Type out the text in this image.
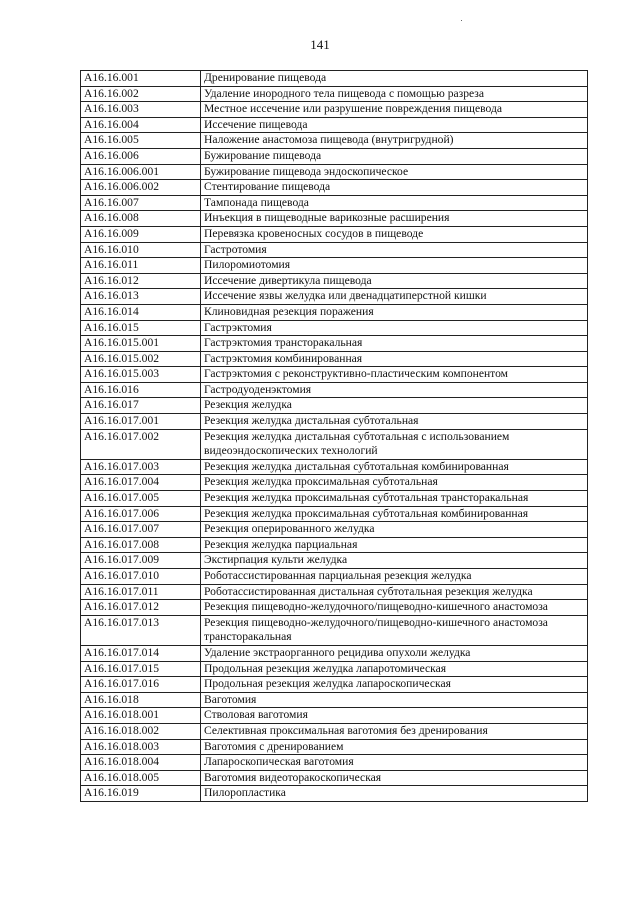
141
A16.16.001	Дренирование пищевода
A16.16.002	Удаление инородного тела пищевода с помощью разреза
A16.16.003	Местное иссечение или разрушение повреждения пищевода
A16.16.004	Иссечение пищевода
A16.16.005	Наложение анастомоза пищевода (внутригрудной)
A16.16.006	Бужирование пищевода
A16.16.006.001	Бужирование пищевода эндоскопическое
A16.16.006.002	Стентирование пищевода
A16.16.007	Тампонада пищевода
A16.16.008	Инъекция в пищеводные варикозные расширения
A16.16.009	Перевязка кровеносных сосудов в пищеводе
A16.16.010	Гастротомия
A16.16.011	Пилоромиотомия
A16.16.012	Иссечение дивертикула пищевода
A16.16.013	Иссечение язвы желудка или двенадцатиперстной кишки
A16.16.014	Клиновидная резекция поражения
A16.16.015	Гастрэктомия
A16.16.015.001	Гастрэктомия трансторакальная
A16.16.015.002	Гастрэктомия комбинированная
A16.16.015.003	Гастрэктомия с реконструктивно-пластическим компонентом
A16.16.016	Гастродуоденэктомия
A16.16.017	Резекция желудка
A16.16.017.001	Резекция желудка дистальная субтотальная
A16.16.017.002	Резекция желудка дистальная субтотальная с использованием видеоэндоскопических технологий
A16.16.017.003	Резекция желудка дистальная субтотальная комбинированная
A16.16.017.004	Резекция желудка проксимальная субтотальная
A16.16.017.005	Резекция желудка проксимальная субтотальная трансторакальная
A16.16.017.006	Резекция желудка проксимальная субтотальная комбинированная
A16.16.017.007	Резекция оперированного желудка
A16.16.017.008	Резекция желудка парциальная
A16.16.017.009	Экстирпация культи желудка
A16.16.017.010	Роботассистированная парциальная резекция желудка
A16.16.017.011	Роботассистированная дистальная субтотальная резекция желудка
A16.16.017.012	Резекция пищеводно-желудочного/пищеводно-кишечного анастомоза
A16.16.017.013	Резекция пищеводно-желудочного/пищеводно-кишечного анастомоза трансторакальная
A16.16.017.014	Удаление экстраорганного рецидива опухоли желудка
A16.16.017.015	Продольная резекция желудка лапаротомическая
A16.16.017.016	Продольная резекция желудка лапароскопическая
A16.16.018	Ваготомия
A16.16.018.001	Стволовая ваготомия
A16.16.018.002	Селективная проксимальная ваготомия без дренирования
A16.16.018.003	Ваготомия с дренированием
A16.16.018.004	Лапароскопическая ваготомия
A16.16.018.005	Ваготомия видеоторакоскопическая
A16.16.019	Пилоропластика
